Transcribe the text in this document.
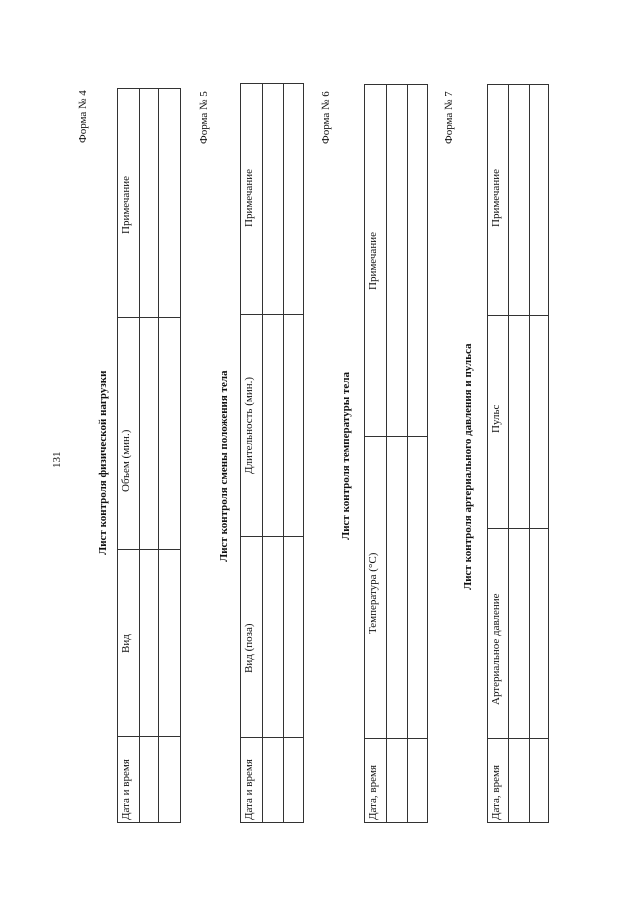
131
Форма № 4
Лист контроля физической нагрузки
Дата и время
Вид
Объем (мин.)
Примечание
Форма № 5
Лист контроля смены положения тела
Дата и время
Вид (поза)
Длительность (мин.)
Примечание
Форма № 6
Лист контроля температуры тела
Дата, время
Температура (°С)
Примечание
Форма № 7
Лист контроля артериального давления и пульса
Дата, время
Артериальное давление
Пульс
Примечание
